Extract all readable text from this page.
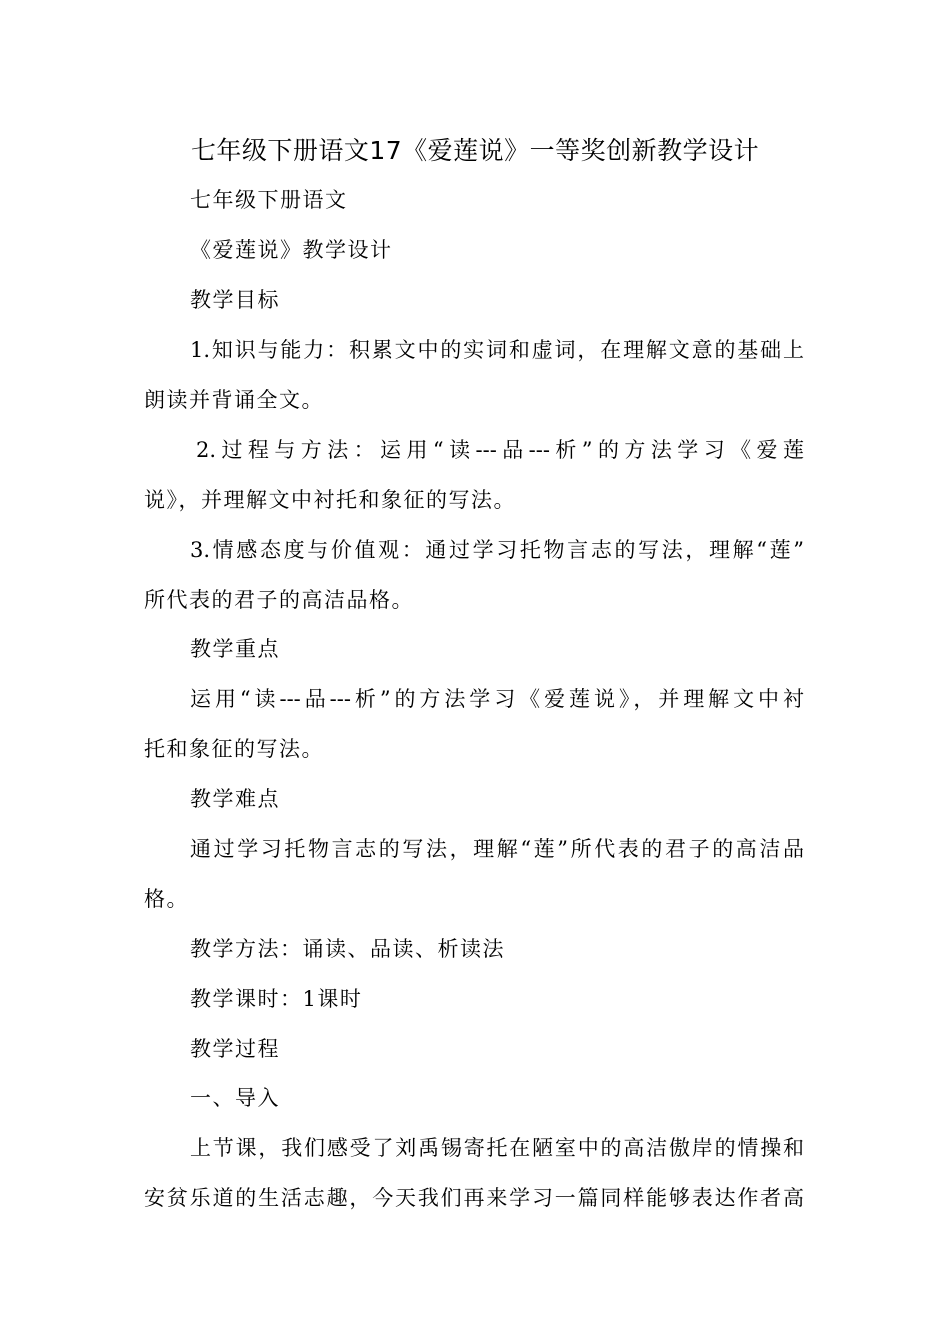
七年级下册语文17《爱莲说》一等奖创新教学设计
七年级下册语文
《爱莲说》教学设计
教学目标
1.知识与能力：积累文中的实词和虚词，在理解文意的基础上
朗读并背诵全文。
2.过程与方法：运用“读---品---析”的方法学习《爱莲
说》，并理解文中衬托和象征的写法。
3.情感态度与价值观：通过学习托物言志的写法，理解“莲”
所代表的君子的高洁品格。
教学重点
运用“读---品---析”的方法学习《爱莲说》，并理解文中衬
托和象征的写法。
教学难点
通过学习托物言志的写法，理解“莲”所代表的君子的高洁品
格。
教学方法：诵读、品读、析读法
教学课时：1课时
教学过程
一、导入
上节课，我们感受了刘禹锡寄托在陋室中的高洁傲岸的情操和
安贫乐道的生活志趣，今天我们再来学习一篇同样能够表达作者高
